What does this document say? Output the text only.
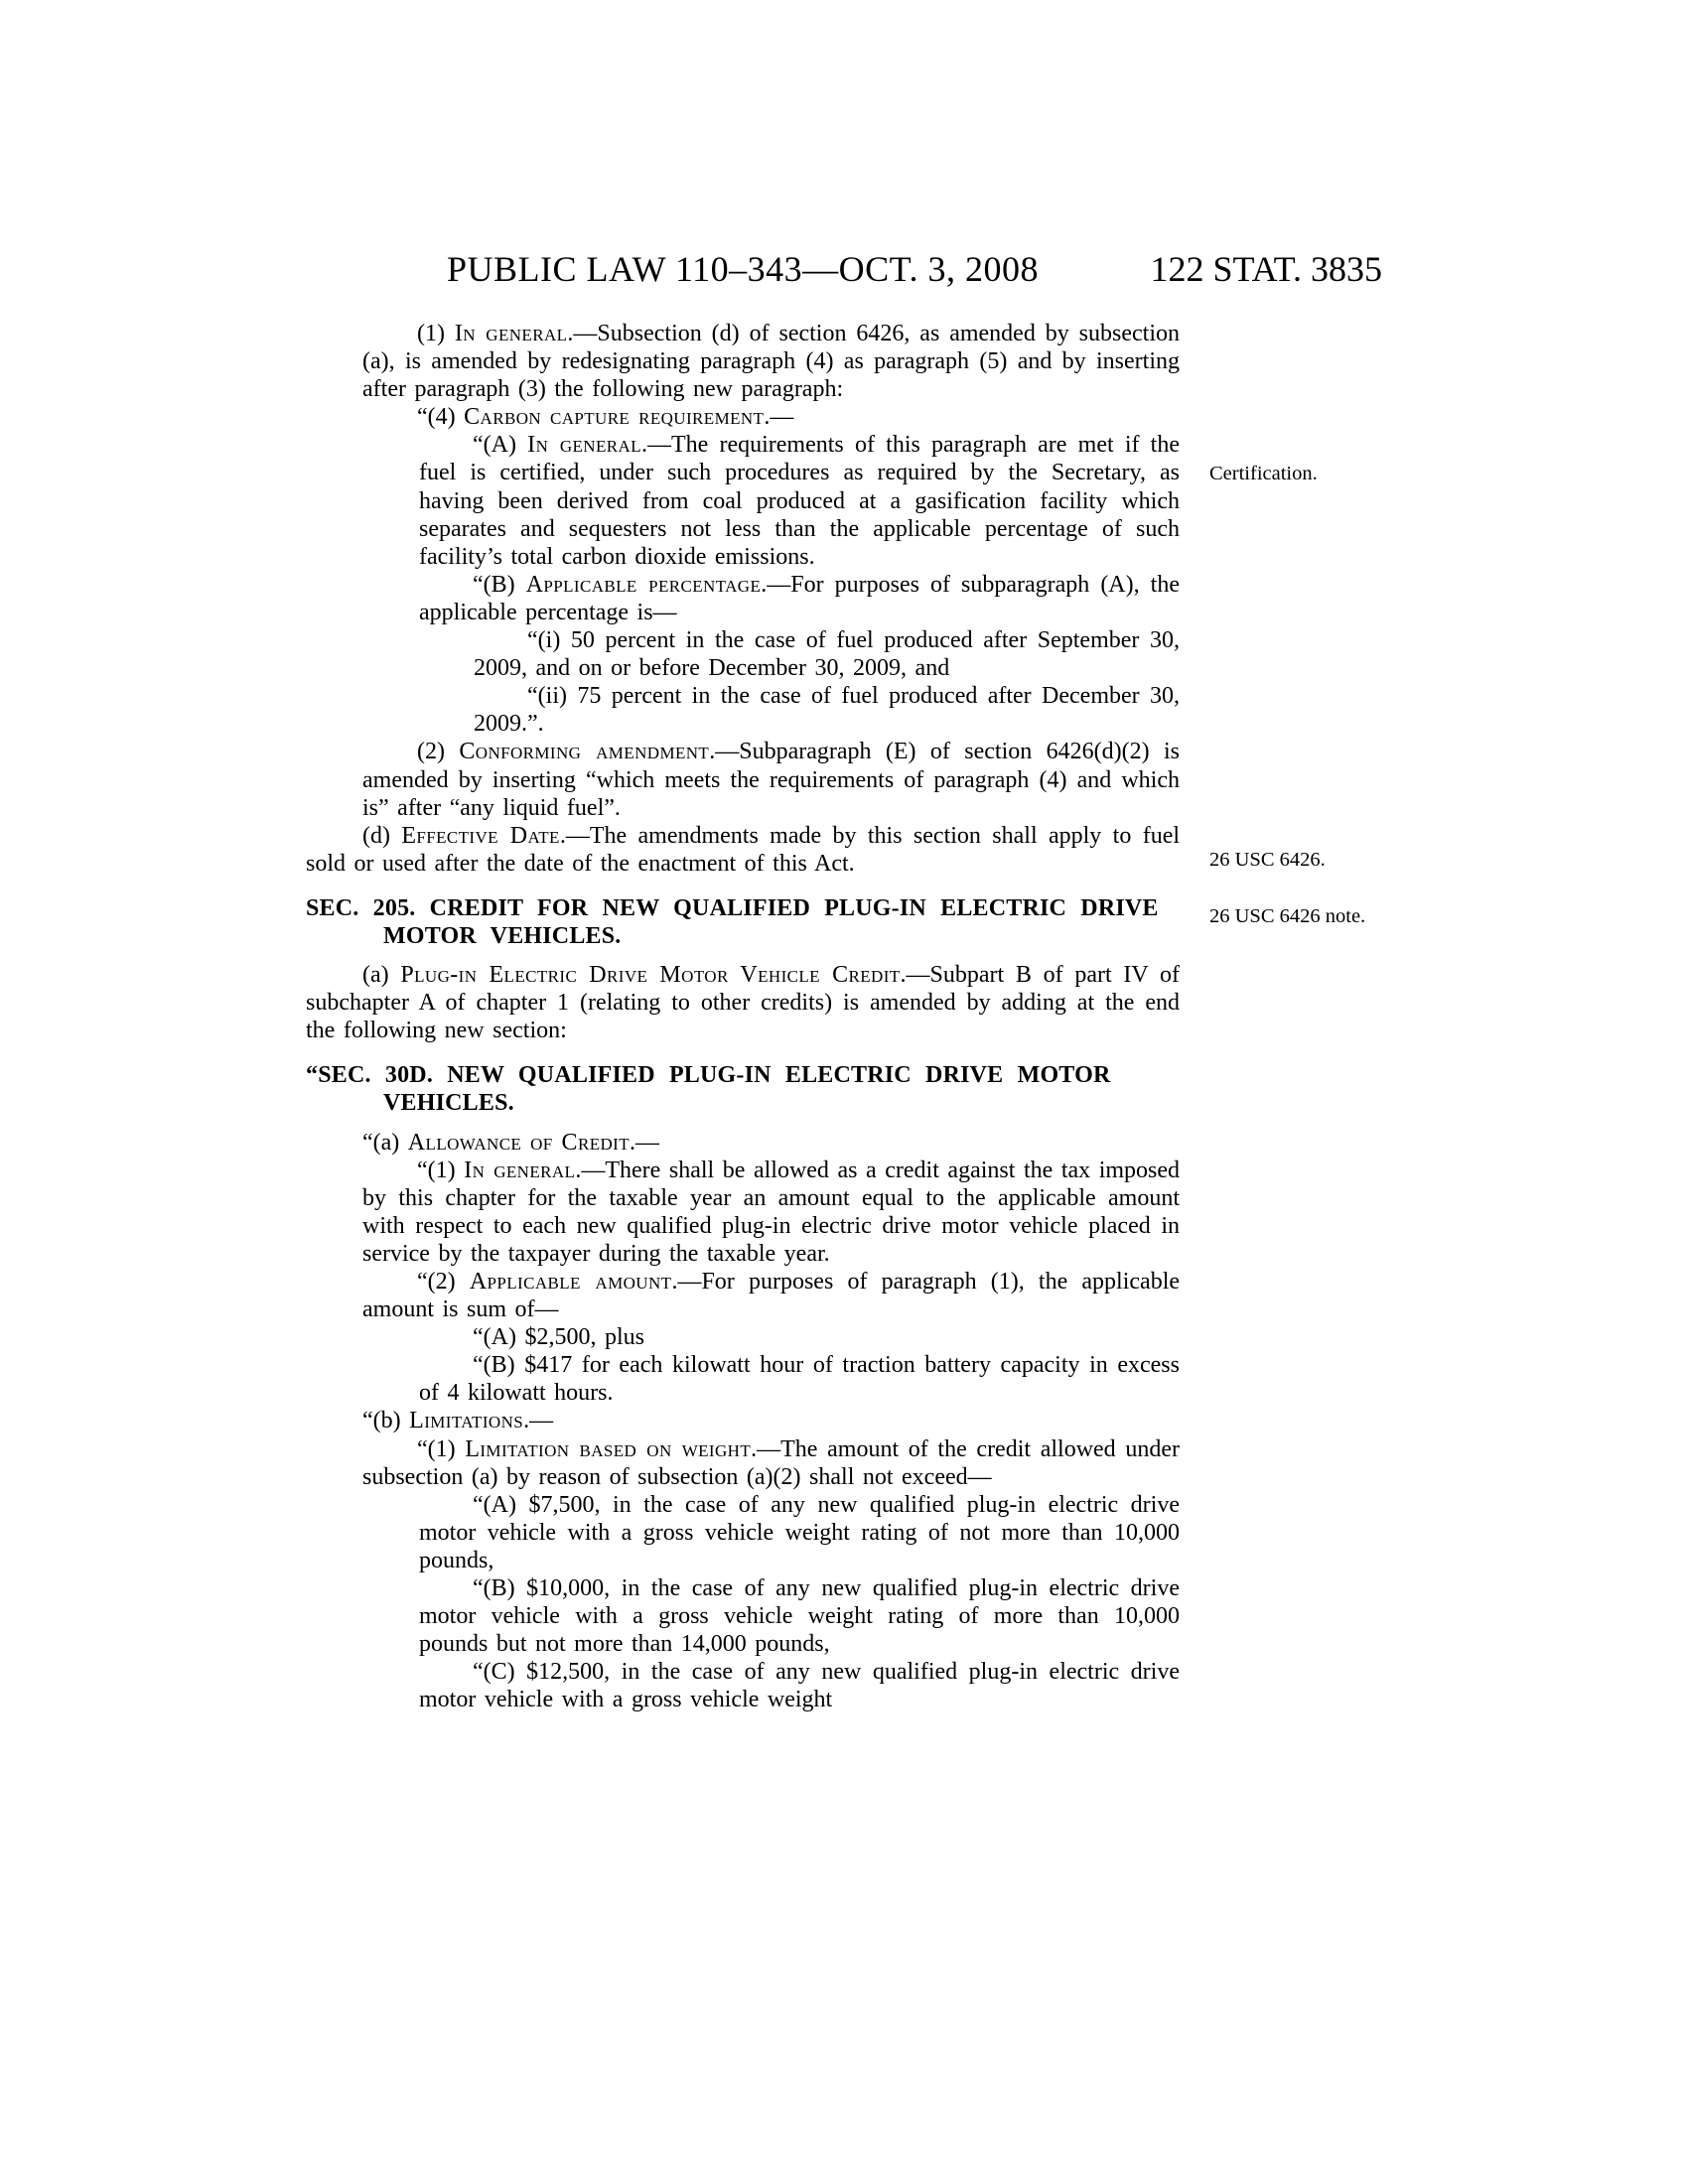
PUBLIC LAW 110–343—OCT. 3, 2008	122 STAT. 3835
(1) In general.—Subsection (d) of section 6426, as amended by subsection (a), is amended by redesignating paragraph (4) as paragraph (5) and by inserting after paragraph (3) the following new paragraph:
“(4) Carbon capture requirement.—
“(A) In general.—The requirements of this paragraph are met if the fuel is certified, under such procedures as required by the Secretary, as having been derived from coal produced at a gasification facility which separates and sequesters not less than the applicable percentage of such facility’s total carbon dioxide emissions.
“(B) Applicable percentage.—For purposes of subparagraph (A), the applicable percentage is—
“(i) 50 percent in the case of fuel produced after September 30, 2009, and on or before December 30, 2009, and
“(ii) 75 percent in the case of fuel produced after December 30, 2009.”.
(2) Conforming amendment.—Subparagraph (E) of section 6426(d)(2) is amended by inserting “which meets the requirements of paragraph (4) and which is” after “any liquid fuel”.
(d) Effective Date.—The amendments made by this section shall apply to fuel sold or used after the date of the enactment of this Act.
SEC. 205. CREDIT FOR NEW QUALIFIED PLUG-IN ELECTRIC DRIVE
MOTOR VEHICLES.
(a) Plug-in Electric Drive Motor Vehicle Credit.—Subpart B of part IV of subchapter A of chapter 1 (relating to other credits) is amended by adding at the end the following new section:
“SEC. 30D. NEW QUALIFIED PLUG-IN ELECTRIC DRIVE MOTOR
VEHICLES.
“(a) Allowance of Credit.—
“(1) In general.—There shall be allowed as a credit against the tax imposed by this chapter for the taxable year an amount equal to the applicable amount with respect to each new qualified plug-in electric drive motor vehicle placed in service by the taxpayer during the taxable year.
“(2) Applicable amount.—For purposes of paragraph (1), the applicable amount is sum of—
“(A) $2,500, plus
“(B) $417 for each kilowatt hour of traction battery capacity in excess of 4 kilowatt hours.
“(b) Limitations.—
“(1) Limitation based on weight.—The amount of the credit allowed under subsection (a) by reason of subsection (a)(2) shall not exceed—
“(A) $7,500, in the case of any new qualified plug-in electric drive motor vehicle with a gross vehicle weight rating of not more than 10,000 pounds,
“(B) $10,000, in the case of any new qualified plug-in electric drive motor vehicle with a gross vehicle weight rating of more than 10,000 pounds but not more than 14,000 pounds,
“(C) $12,500, in the case of any new qualified plug-in electric drive motor vehicle with a gross vehicle weight
Certification.
26 USC 6426.
26 USC 6426 note.
